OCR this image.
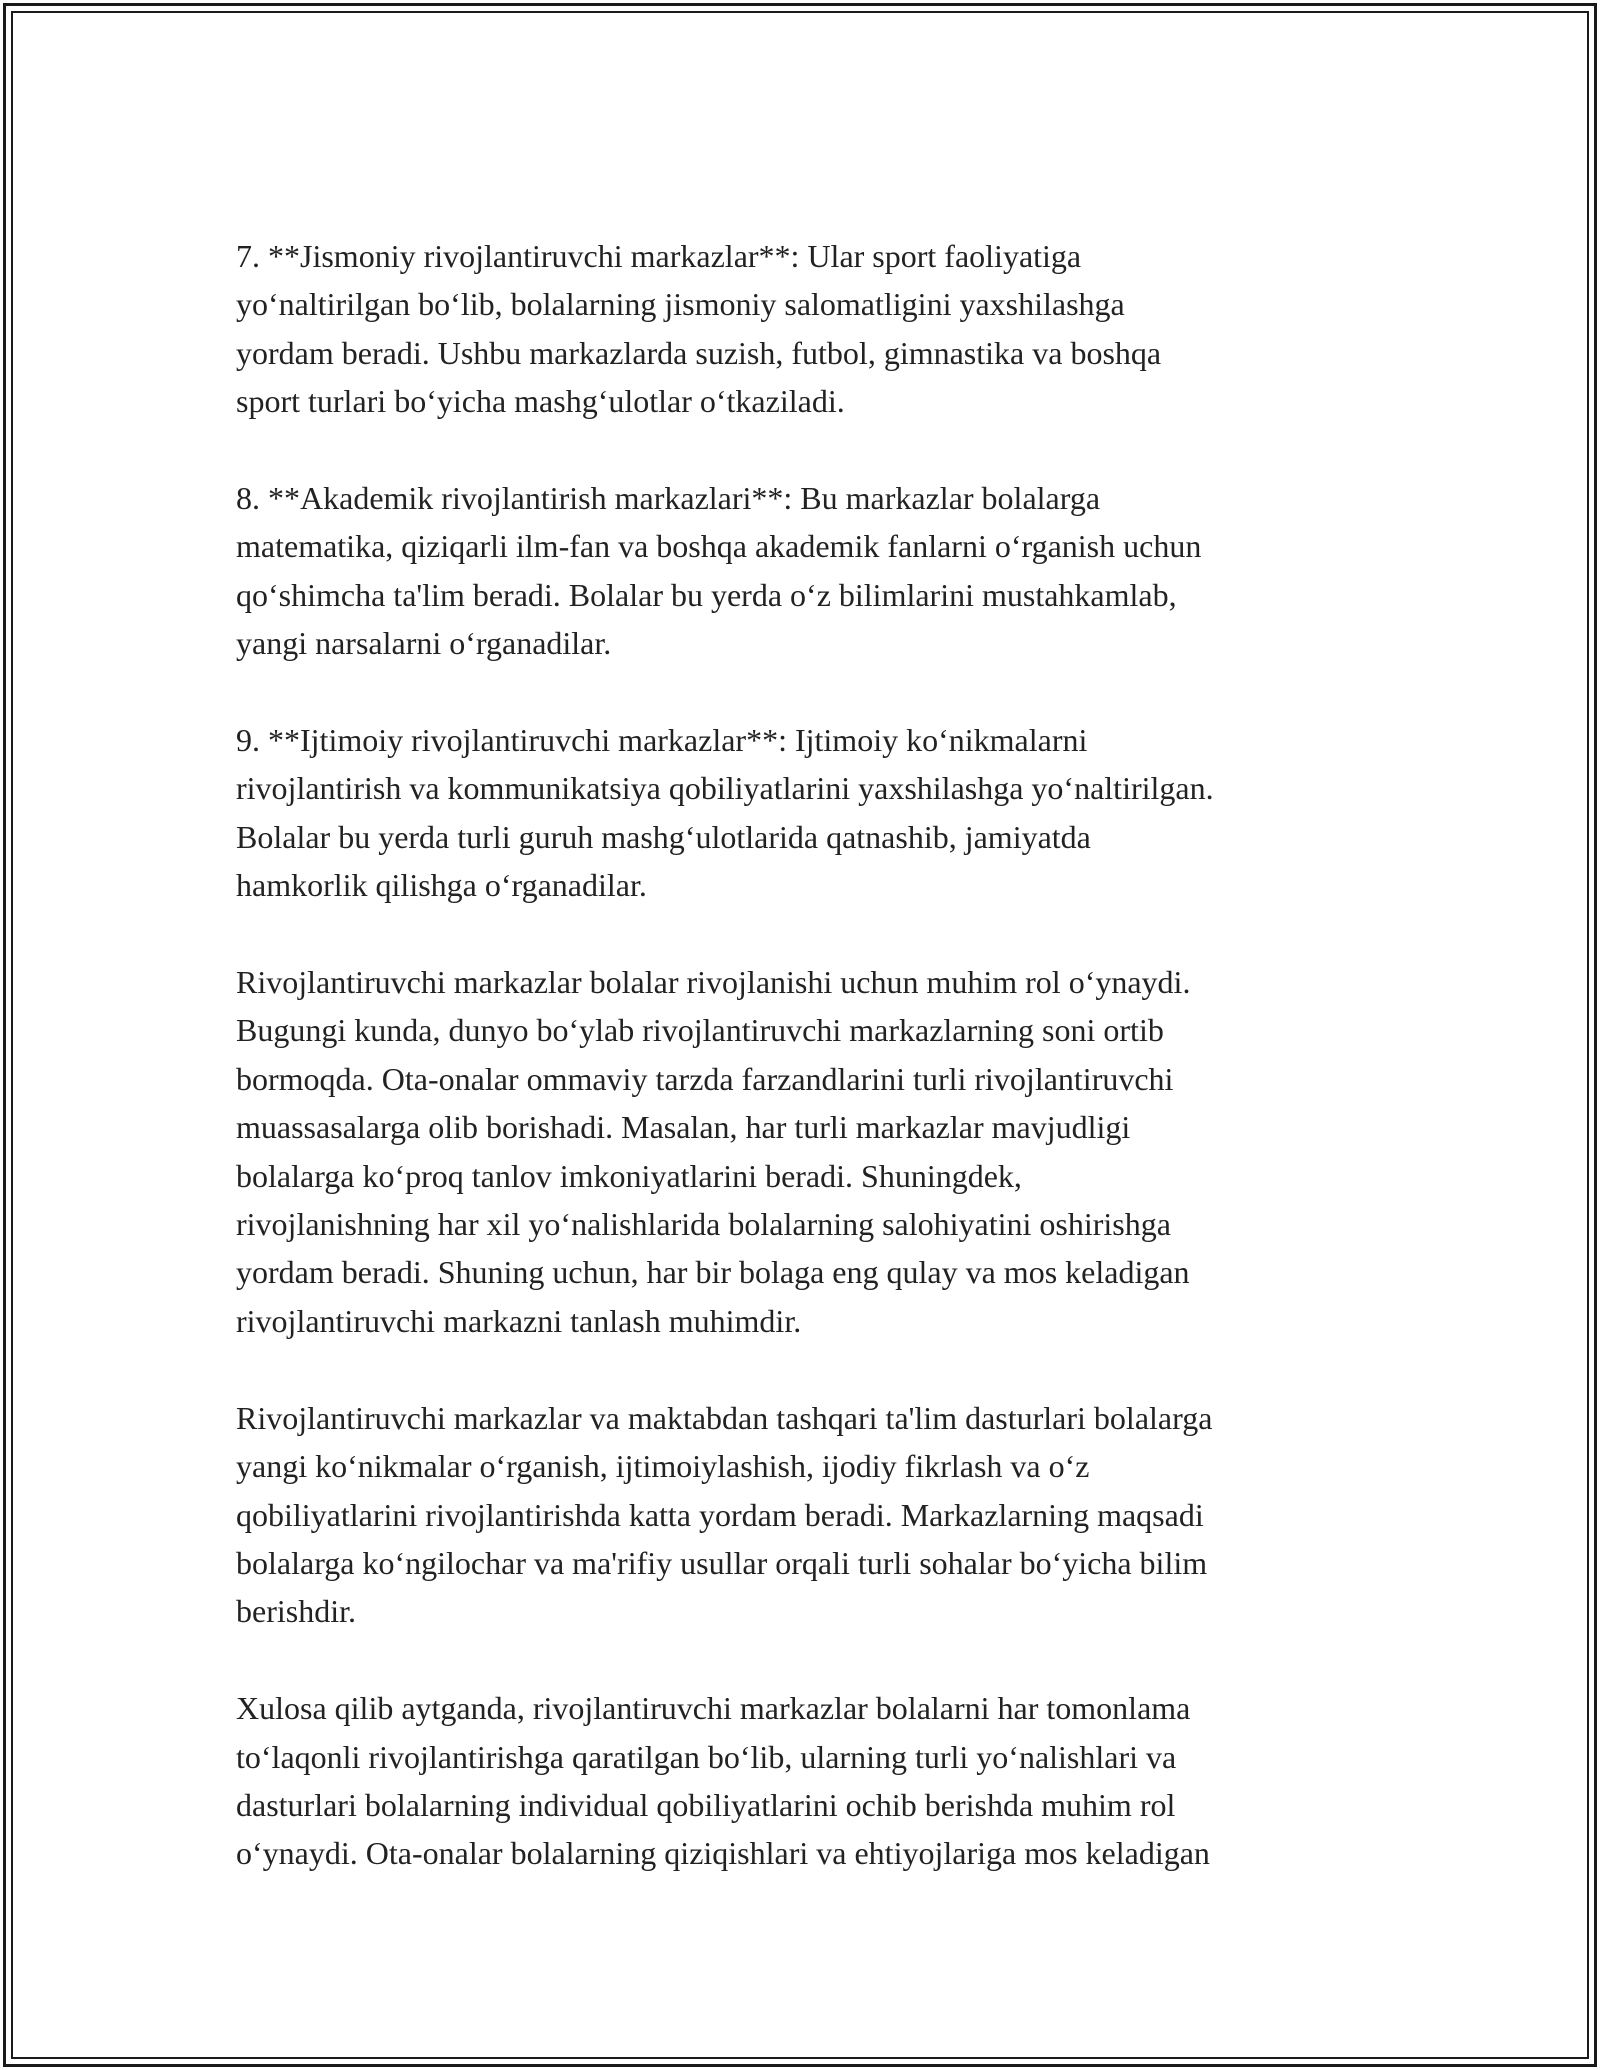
7. **Jismoniy rivojlantiruvchi markazlar**: Ular sport faoliyatiga
yo‘naltirilgan bo‘lib, bolalarning jismoniy salomatligini yaxshilashga
yordam beradi. Ushbu markazlarda suzish, futbol, gimnastika va boshqa
sport turlari bo‘yicha mashg‘ulotlar o‘tkaziladi.

8. **Akademik rivojlantirish markazlari**: Bu markazlar bolalarga
matematika, qiziqarli ilm-fan va boshqa akademik fanlarni o‘rganish uchun
qo‘shimcha ta'lim beradi. Bolalar bu yerda o‘z bilimlarini mustahkamlab,
yangi narsalarni o‘rganadilar.

9. **Ijtimoiy rivojlantiruvchi markazlar**: Ijtimoiy ko‘nikmalarni
rivojlantirish va kommunikatsiya qobiliyatlarini yaxshilashga yo‘naltirilgan.
Bolalar bu yerda turli guruh mashg‘ulotlarida qatnashib, jamiyatda
hamkorlik qilishga o‘rganadilar.

Rivojlantiruvchi markazlar bolalar rivojlanishi uchun muhim rol o‘ynaydi.
Bugungi kunda, dunyo bo‘ylab rivojlantiruvchi markazlarning soni ortib
bormoqda. Ota-onalar ommaviy tarzda farzandlarini turli rivojlantiruvchi
muassasalarga olib borishadi. Masalan, har turli markazlar mavjudligi
bolalarga ko‘proq tanlov imkoniyatlarini beradi. Shuningdek,
rivojlanishning har xil yo‘nalishlarida bolalarning salohiyatini oshirishga
yordam beradi. Shuning uchun, har bir bolaga eng qulay va mos keladigan
rivojlantiruvchi markazni tanlash muhimdir.

Rivojlantiruvchi markazlar va maktabdan tashqari ta'lim dasturlari bolalarga
yangi ko‘nikmalar o‘rganish, ijtimoiylashish, ijodiy fikrlash va o‘z
qobiliyatlarini rivojlantirishda katta yordam beradi. Markazlarning maqsadi
bolalarga ko‘ngilochar va ma'rifiy usullar orqali turli sohalar bo‘yicha bilim
berishdir.

Xulosa qilib aytganda, rivojlantiruvchi markazlar bolalarni har tomonlama
to‘laqonli rivojlantirishga qaratilgan bo‘lib, ularning turli yo‘nalishlari va
dasturlari bolalarning individual qobiliyatlarini ochib berishda muhim rol
o‘ynaydi. Ota-onalar bolalarning qiziqishlari va ehtiyojlariga mos keladigan
